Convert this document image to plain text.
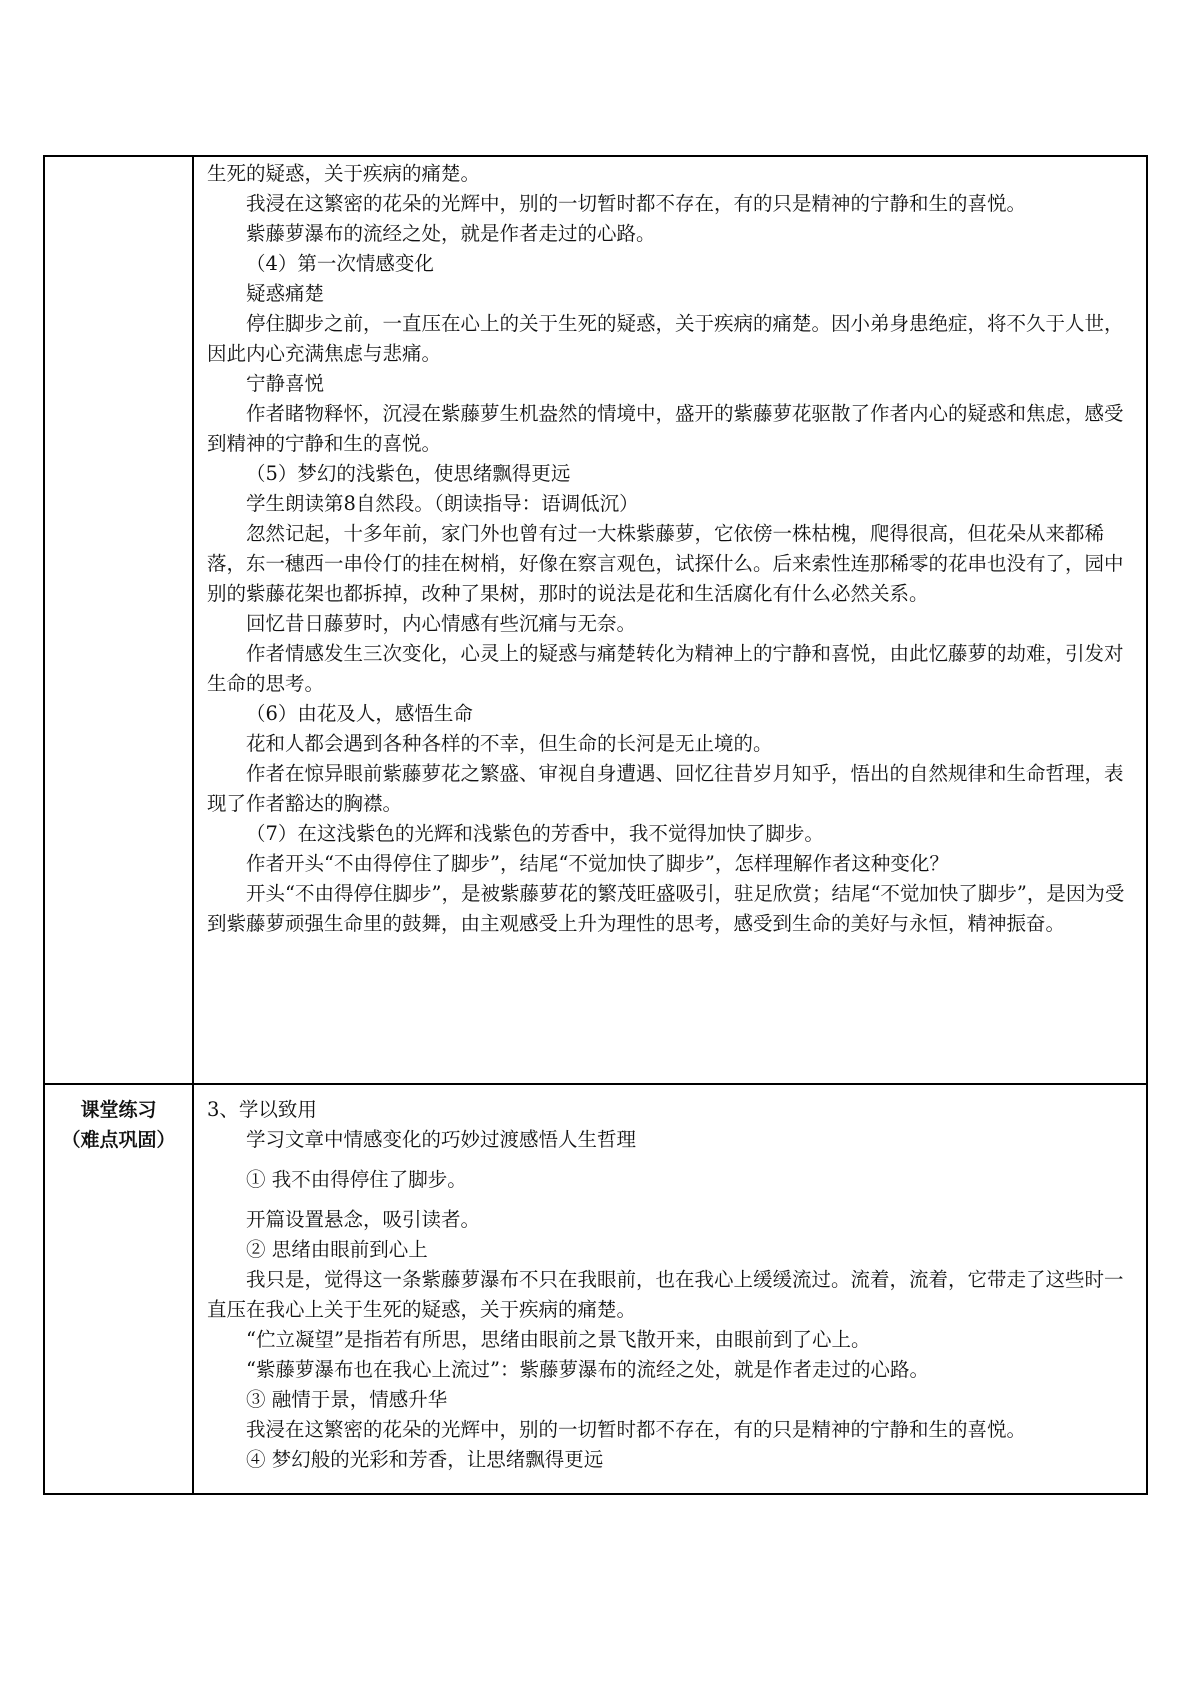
生死的疑惑，关于疾病的痛楚。

我浸在这繁密的花朵的光辉中，别的一切暂时都不存在，有的只是精神的宁静和生的喜悦。

紫藤萝瀑布的流经之处，就是作者走过的心路。

（4）第一次情感变化

疑惑痛楚

停住脚步之前，一直压在心上的关于生死的疑惑，关于疾病的痛楚。因小弟身患绝症，将不久于人世，因此内心充满焦虑与悲痛。

宁静喜悦

作者睹物释怀，沉浸在紫藤萝生机盎然的情境中，盛开的紫藤萝花驱散了作者内心的疑惑和焦虑，感受到精神的宁静和生的喜悦。

（5）梦幻的浅紫色，使思绪飘得更远

学生朗读第8自然段。（朗读指导：语调低沉）

忽然记起，十多年前，家门外也曾有过一大株紫藤萝，它依傍一株枯槐，爬得很高，但花朵从来都稀落，东一穗西一串伶仃的挂在树梢，好像在察言观色，试探什么。后来索性连那稀零的花串也没有了，园中别的紫藤花架也都拆掉，改种了果树，那时的说法是花和生活腐化有什么必然关系。

回忆昔日藤萝时，内心情感有些沉痛与无奈。

作者情感发生三次变化，心灵上的疑惑与痛楚转化为精神上的宁静和喜悦，由此忆藤萝的劫难，引发对生命的思考。

（6）由花及人，感悟生命

花和人都会遇到各种各样的不幸，但生命的长河是无止境的。

作者在惊异眼前紫藤萝花之繁盛、审视自身遭遇、回忆往昔岁月知乎，悟出的自然规律和生命哲理，表现了作者豁达的胸襟。

（7）在这浅紫色的光辉和浅紫色的芳香中，我不觉得加快了脚步。

作者开头“不由得停住了脚步”，结尾“不觉加快了脚步”，怎样理解作者这种变化？

开头“不由得停住脚步”，是被紫藤萝花的繁茂旺盛吸引，驻足欣赏；结尾“不觉加快了脚步”，是因为受到紫藤萝顽强生命里的鼓舞，由主观感受上升为理性的思考，感受到生命的美好与永恒，精神振奋。

课堂练习
（难点巩固）

3、学以致用

学习文章中情感变化的巧妙过渡感悟人生哲理

① 我不由得停住了脚步。

开篇设置悬念，吸引读者。

② 思绪由眼前到心上

我只是，觉得这一条紫藤萝瀑布不只在我眼前，也在我心上缓缓流过。流着，流着，它带走了这些时一直压在我心上关于生死的疑惑，关于疾病的痛楚。

“伫立凝望”是指若有所思，思绪由眼前之景飞散开来，由眼前到了心上。

“紫藤萝瀑布也在我心上流过”：紫藤萝瀑布的流经之处，就是作者走过的心路。

③ 融情于景，情感升华

我浸在这繁密的花朵的光辉中，别的一切暂时都不存在，有的只是精神的宁静和生的喜悦。

④ 梦幻般的光彩和芳香，让思绪飘得更远
